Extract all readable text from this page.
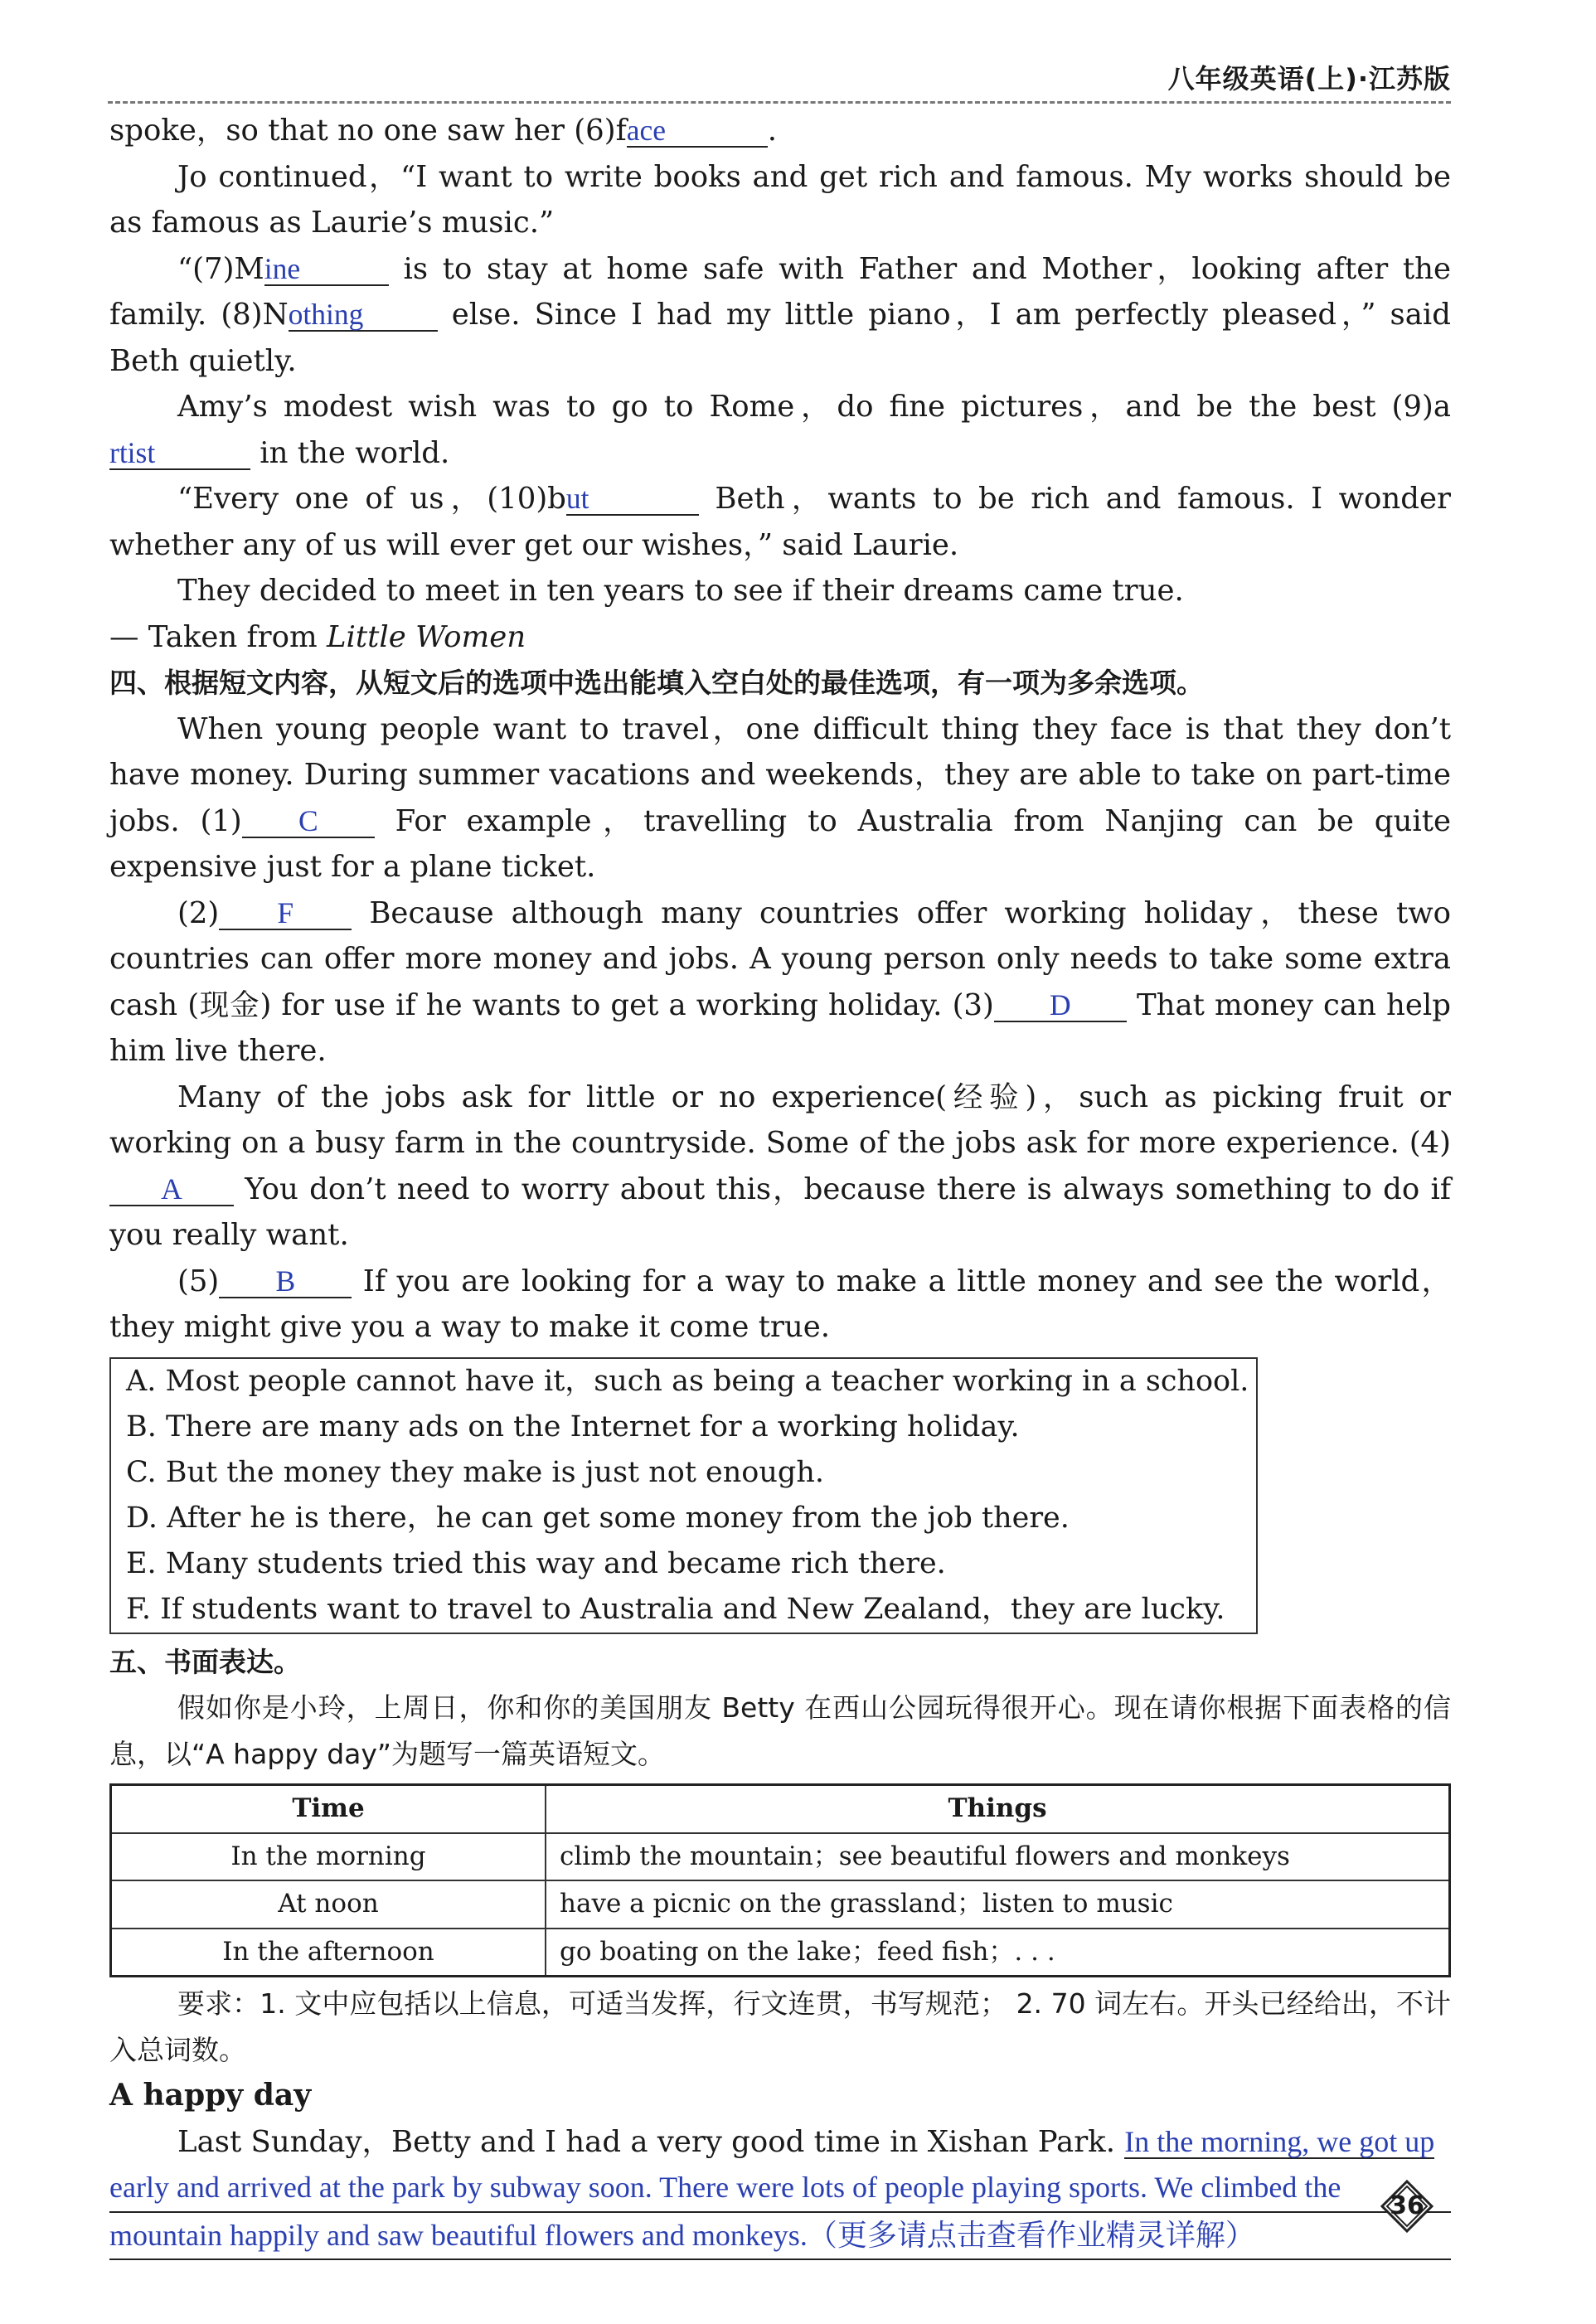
八年级英语(上)·江苏版

spoke，so that no one saw her (6)face	.

Jo continued，“I want to write books and get rich and famous. My works should be as famous as Laurie’s music.”

“(7)Mine	is to stay at home safe with Father and Mother，looking after the family. (8)Nothing	else. Since I had my little piano，I am perfectly pleased，” said Beth quietly.

Amy’s modest wish was to go to Rome，do fine pictures，and be the best (9)artist	in the world.

“Every one of us，(10)but	Beth，wants to be rich and famous. I wonder whether any of us will ever get our wishes，” said Laurie.

They decided to meet in ten years to see if their dreams came true.

— Taken from Little Women

四、根据短文内容，从短文后的选项中选出能填入空白处的最佳选项，有一项为多余选项。

When young people want to travel，one difficult thing they face is that they don’t have money. During summer vacations and weekends，they are able to take on part-time jobs. (1) C For example，travelling to Australia from Nanjing can be quite expensive just for a plane ticket.

(2) F Because although many countries offer working holiday，these two countries can offer more money and jobs. A young person only needs to take some extra cash (现金) for use if he wants to get a working holiday. (3) D That money can help him live there.

Many of the jobs ask for little or no experience(经验)，such as picking fruit or working on a busy farm in the countryside. Some of the jobs ask for more experience. (4)A You don’t need to worry about this，because there is always something to do if you really want.

(5) B If you are looking for a way to make a little money and see the world，they might give you a way to make it come true.

A. Most people cannot have it，such as being a teacher working in a school.
B. There are many ads on the Internet for a working holiday.
C. But the money they make is just not enough.
D. After he is there，he can get some money from the job there.
E. Many students tried this way and became rich there.
F. If students want to travel to Australia and New Zealand，they are lucky.

五、书面表达。

假如你是小玲，上周日，你和你的美国朋友 Betty 在西山公园玩得很开心。现在请你根据下面表格的信息，以“A happy day”为题写一篇英语短文。

Time	Things
In the morning	climb the mountain；see beautiful flowers and monkeys
At noon	have a picnic on the grassland；listen to music
In the afternoon	go boating on the lake；feed fish；. . .

要求：1. 文中应包括以上信息，可适当发挥，行文连贯，书写规范； 2. 70 词左右。开头已经给出，不计入总词数。

A happy day

Last Sunday，Betty and I had a very good time in Xishan Park. In the morning, we got up

early and arrived at the park by subway soon. There were lots of people playing sports. We climbed the
mountain happily and saw beautiful flowers and monkeys.（更多请点击查看作业精灵详解）
36
